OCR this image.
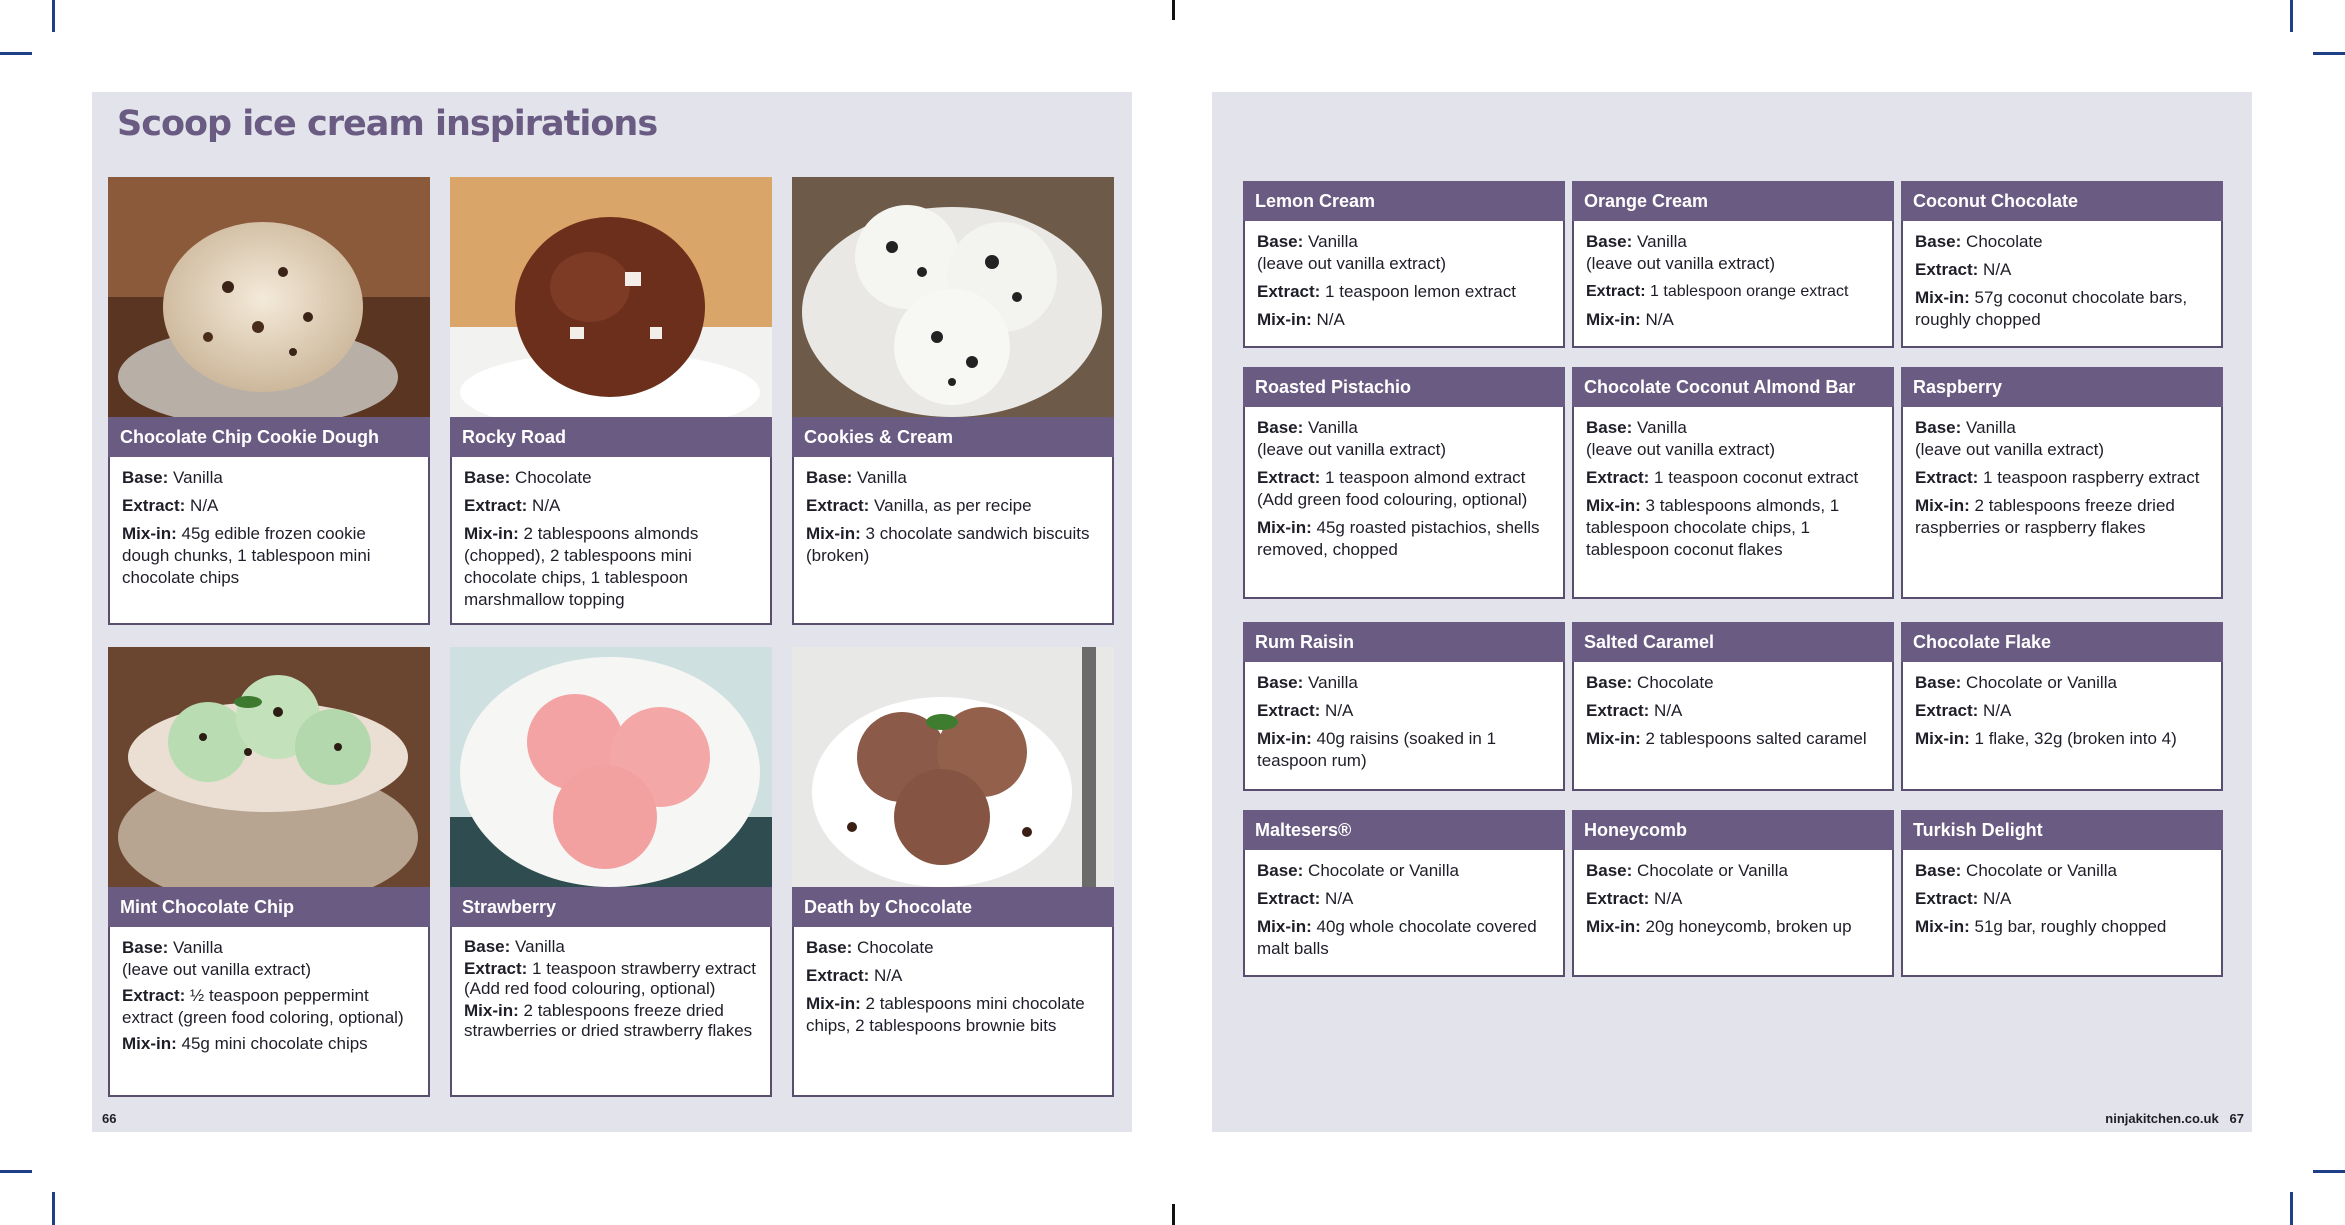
Scoop ice cream inspirations
Chocolate Chip Cookie Dough

Base: Vanilla

Extract: N/A

Mix-in: 45g edible frozen cookie dough chunks, 1 tablespoon mini chocolate chips

Rocky Road

Base: Chocolate

Extract: N/A

Mix-in: 2 tablespoons almonds (chopped), 2 tablespoons mini chocolate chips, 1 tablespoon marshmallow topping

Cookies & Cream

Base: Vanilla

Extract: Vanilla, as per recipe

Mix-in: 3 chocolate sandwich biscuits (broken)

Mint Chocolate Chip

Base: Vanilla
(leave out vanilla extract)

Extract: ½ teaspoon peppermint extract (green food coloring, optional)

Mix-in: 45g mini chocolate chips

Strawberry

Base: Vanilla

Extract: 1 teaspoon strawberry extract (Add red food colouring, optional)

Mix-in: 2 tablespoons freeze dried strawberries or dried strawberry flakes

Death by Chocolate

Base: Chocolate

Extract: N/A

Mix-in: 2 tablespoons mini chocolate chips, 2 tablespoons brownie bits

66
Lemon Cream

Base: Vanilla
(leave out vanilla extract)

Extract: 1 teaspoon lemon extract

Mix-in: N/A

Orange Cream

Base: Vanilla
(leave out vanilla extract)

Extract: 1 tablespoon orange extract

Mix-in: N/A

Coconut Chocolate

Base: Chocolate

Extract: N/A

Mix-in: 57g coconut chocolate bars, roughly chopped

Roasted Pistachio

Base: Vanilla
(leave out vanilla extract)

Extract: 1 teaspoon almond extract (Add green food colouring, optional)

Mix-in: 45g roasted pistachios, shells removed, chopped

Chocolate Coconut Almond Bar

Base: Vanilla
(leave out vanilla extract)

Extract: 1 teaspoon coconut extract

Mix-in: 3 tablespoons almonds, 1 tablespoon chocolate chips, 1 tablespoon coconut flakes

Raspberry

Base: Vanilla
(leave out vanilla extract)

Extract: 1 teaspoon raspberry extract

Mix-in: 2 tablespoons freeze dried raspberries or raspberry flakes

Rum Raisin

Base: Vanilla

Extract: N/A

Mix-in: 40g raisins (soaked in 1 teaspoon rum)

Salted Caramel

Base: Chocolate

Extract: N/A

Mix-in: 2 tablespoons salted caramel

Chocolate Flake

Base: Chocolate or Vanilla

Extract: N/A

Mix-in: 1 flake, 32g (broken into 4)

Maltesers®

Base: Chocolate or Vanilla

Extract: N/A

Mix-in: 40g whole chocolate covered malt balls

Honeycomb

Base: Chocolate or Vanilla

Extract: N/A

Mix-in: 20g honeycomb, broken up

Turkish Delight

Base: Chocolate or Vanilla

Extract: N/A

Mix-in: 51g bar, roughly chopped

ninjakitchen.co.uk 67
